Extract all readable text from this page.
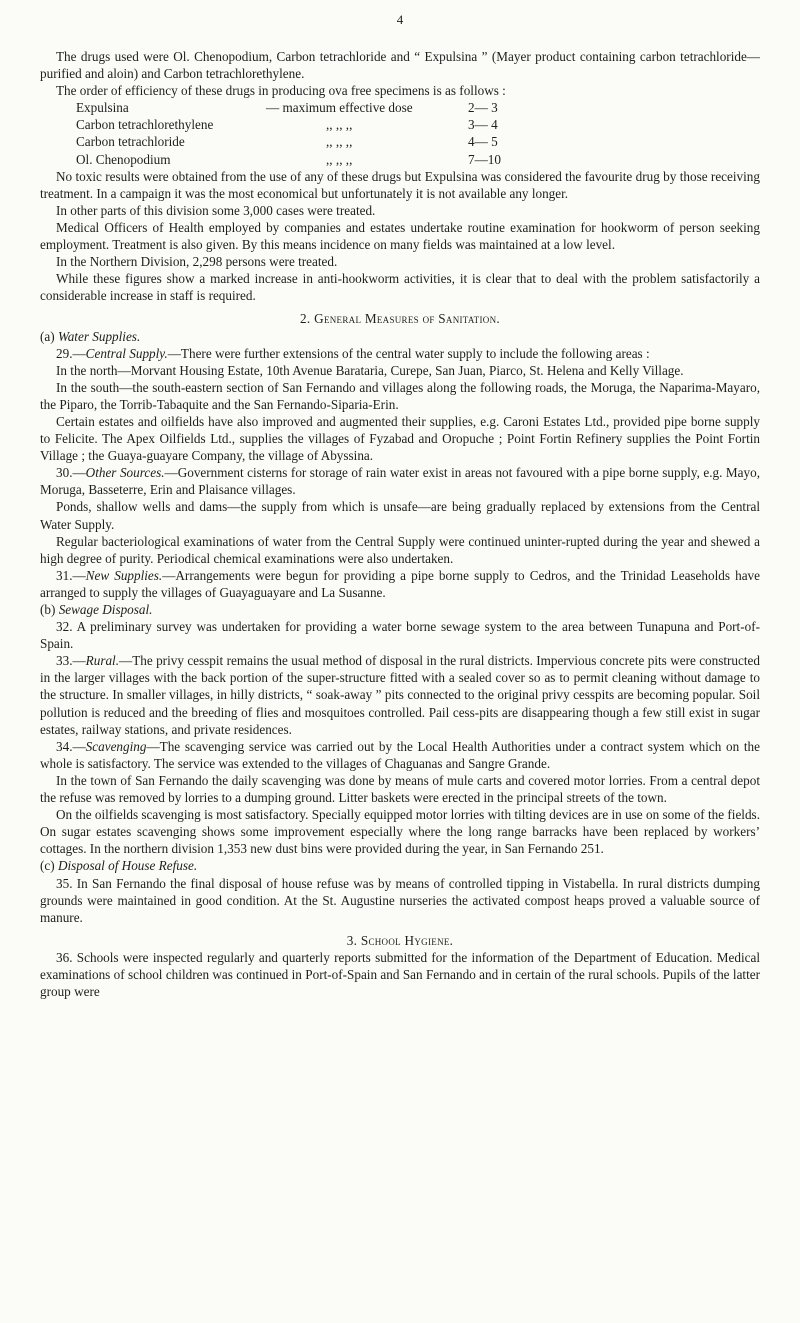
4

The drugs used were Ol. Chenopodium, Carbon tetrachloride and “ Expulsina ” (Mayer product containing carbon tetrachloride—purified and aloin) and Carbon tetrachlorethylene.

The order of efficiency of these drugs in producing ova free specimens is as follows :

Expulsina	— maximum effective dose	2— 3
Carbon tetrachlorethylene	,, ,, ,,	3— 4
Carbon tetrachloride	,, ,, ,,	4— 5
Ol. Chenopodium	,, ,, ,,	7—10

No toxic results were obtained from the use of any of these drugs but Expulsina was considered the favourite drug by those receiving treatment. In a campaign it was the most economical but unfortunately it is not available any longer.

In other parts of this division some 3,000 cases were treated.

Medical Officers of Health employed by companies and estates undertake routine examination for hookworm of person seeking employment. Treatment is also given. By this means incidence on many fields was maintained at a low level.

In the Northern Division, 2,298 persons were treated.

While these figures show a marked increase in anti-hookworm activities, it is clear that to deal with the problem satisfactorily a considerable increase in staff is required.

2. General Measures of Sanitation.

(a) Water Supplies.

29.—Central Supply.—There were further extensions of the central water supply to include the following areas :

In the north—Morvant Housing Estate, 10th Avenue Barataria, Curepe, San Juan, Piarco, St. Helena and Kelly Village.

In the south—the south-eastern section of San Fernando and villages along the following roads, the Moruga, the Naparima-Mayaro, the Piparo, the Torrib-Tabaquite and the San Fernando-Siparia-Erin.

Certain estates and oilfields have also improved and augmented their supplies, e.g. Caroni Estates Ltd., provided pipe borne supply to Felicite. The Apex Oilfields Ltd., supplies the villages of Fyzabad and Oropuche ; Point Fortin Refinery supplies the Point Fortin Village ; the Guaya-guayare Company, the village of Abyssina.

30.—Other Sources.—Government cisterns for storage of rain water exist in areas not favoured with a pipe borne supply, e.g. Mayo, Moruga, Basseterre, Erin and Plaisance villages.

Ponds, shallow wells and dams—the supply from which is unsafe—are being gradually replaced by extensions from the Central Water Supply.

Regular bacteriological examinations of water from the Central Supply were continued uninter-rupted during the year and shewed a high degree of purity. Periodical chemical examinations were also undertaken.

31.—New Supplies.—Arrangements were begun for providing a pipe borne supply to Cedros, and the Trinidad Leaseholds have arranged to supply the villages of Guayaguayare and La Susanne.

(b) Sewage Disposal.

32. A preliminary survey was undertaken for providing a water borne sewage system to the area between Tunapuna and Port-of-Spain.

33.—Rural.—The privy cesspit remains the usual method of disposal in the rural districts. Impervious concrete pits were constructed in the larger villages with the back portion of the super-structure fitted with a sealed cover so as to permit cleaning without damage to the structure. In smaller villages, in hilly districts, “ soak-away ” pits connected to the original privy cesspits are becoming popular. Soil pollution is reduced and the breeding of flies and mosquitoes controlled. Pail cess-pits are disappearing though a few still exist in sugar estates, railway stations, and private residences.

34.—Scavenging—The scavenging service was carried out by the Local Health Authorities under a contract system which on the whole is satisfactory. The service was extended to the villages of Chaguanas and Sangre Grande.

In the town of San Fernando the daily scavenging was done by means of mule carts and covered motor lorries. From a central depot the refuse was removed by lorries to a dumping ground. Litter baskets were erected in the principal streets of the town.

On the oilfields scavenging is most satisfactory. Specially equipped motor lorries with tilting devices are in use on some of the fields. On sugar estates scavenging shows some improvement especially where the long range barracks have been replaced by workers’ cottages. In the northern division 1,353 new dust bins were provided during the year, in San Fernando 251.

(c) Disposal of House Refuse.

35. In San Fernando the final disposal of house refuse was by means of controlled tipping in Vistabella. In rural districts dumping grounds were maintained in good condition. At the St. Augustine nurseries the activated compost heaps proved a valuable source of manure.

3. School Hygiene.

36. Schools were inspected regularly and quarterly reports submitted for the information of the Department of Education. Medical examinations of school children was continued in Port-of-Spain and San Fernando and in certain of the rural schools. Pupils of the latter group were
